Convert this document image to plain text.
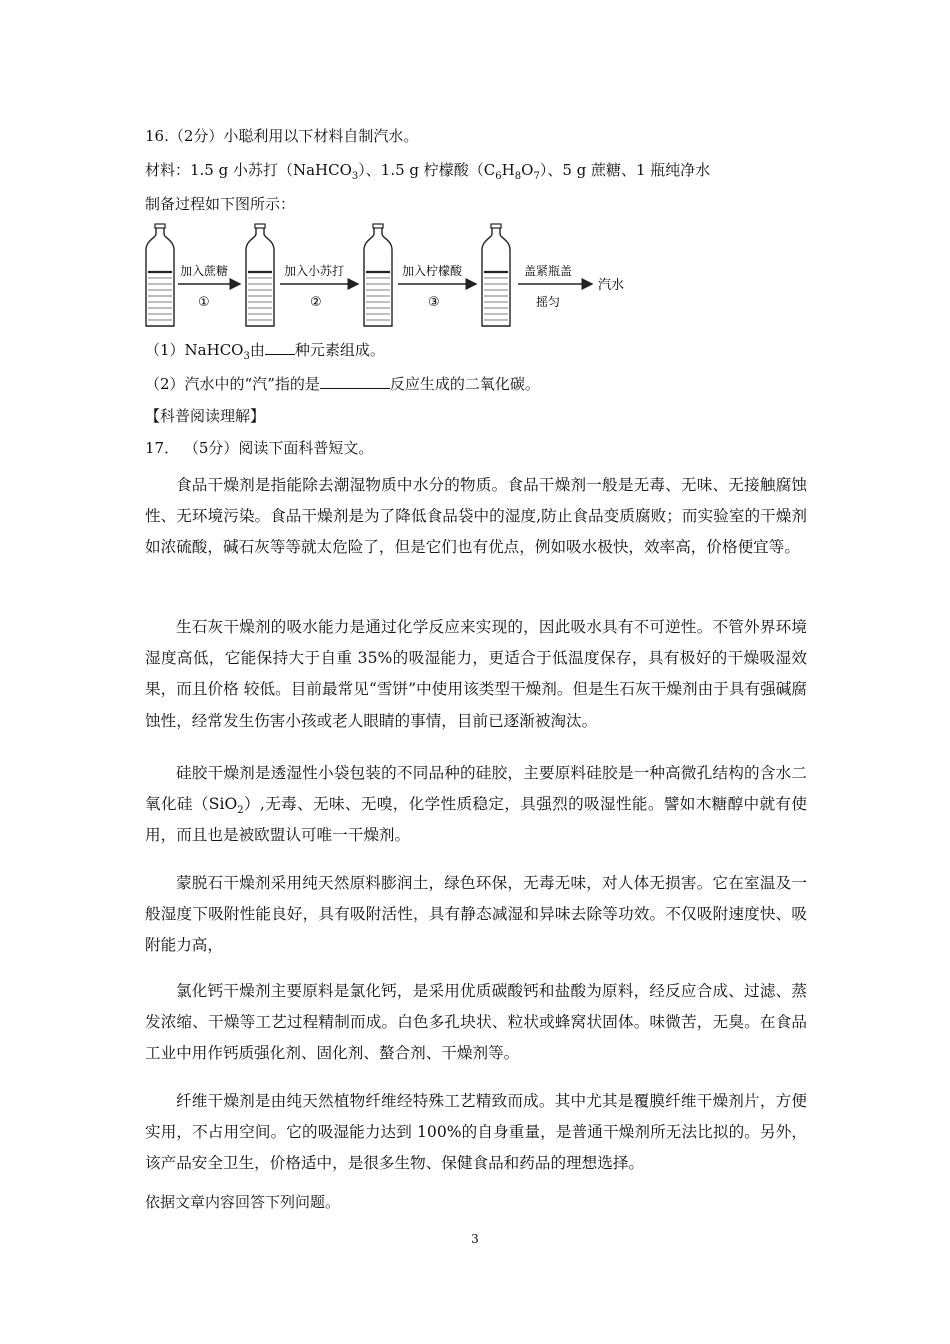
16.（2分）小聪利用以下材料自制汽水。
材料：1.5 g 小苏打（NaHCO$_3$）、1.5 g 柠檬酸$(C_6H_8O_7)$、5 g 蔗糖、1 瓶纯净水
制备过程如下图所示：
加入蔗糖
①
加入小苏打
②
加入柠檬酸
③
盖紧瓶盖
摇匀
汽水
（1）NaHCO$_3$由 种元素组成。
（2）汽水中的“汽”指的是	反应生成的二氧化碳。
【科普阅读理解】
17． （5分）阅读下面科普短文。
食品干燥剂是指能除去潮湿物质中水分的物质。食品干燥剂一般是无毒、无味、无接触腐蚀性、无环境污染。食品干燥剂是为了降低食品袋中的湿度,防止食品变质腐败；而实验室的干燥剂如浓硫酸，碱石灰等等就太危险了，但是它们也有优点，例如吸水极快，效率高，价格便宜等。
生石灰干燥剂的吸水能力是通过化学反应来实现的，因此吸水具有不可逆性。不管外界环境湿度高低，它能保持大于自重 35%的吸湿能力，更适合于低温度保存，具有极好的干燥吸湿效果，而且价格 较低。目前最常见“雪饼”中使用该类型干燥剂。但是生石灰干燥剂由于具有强碱腐蚀性，经常发生伤害小孩或老人眼睛的事情，目前已逐渐被淘汰。
硅胶干燥剂是透湿性小袋包装的不同品种的硅胶，主要原料硅胶是一种高微孔结构的含水二氧化硅（SiO$_2$）,无毒、无味、无嗅，化学性质稳定，具强烈的吸湿性能。譬如木糖醇中就有使用，而且也是被欧盟认可唯一干燥剂。
蒙脱石干燥剂采用纯天然原料膨润土，绿色环保，无毒无味，对人体无损害。它在室温及一般湿度下吸附性能良好，具有吸附活性，具有静态减湿和异味去除等功效。不仅吸附速度快、吸附能力高，
氯化钙干燥剂主要原料是氯化钙，是采用优质碳酸钙和盐酸为原料，经反应合成、过滤、蒸发浓缩、干燥等工艺过程精制而成。白色多孔块状、粒状或蜂窝状固体。味微苦，无臭。在食品工业中用作钙质强化剂、固化剂、螯合剂、干燥剂等。
纤维干燥剂是由纯天然植物纤维经特殊工艺精致而成。其中尤其是覆膜纤维干燥剂片，方便实用，不占用空间。它的吸湿能力达到 100%的自身重量，是普通干燥剂所无法比拟的。另外，该产品安全卫生，价格适中，是很多生物、保健食品和药品的理想选择。
依据文章内容回答下列问题。
3
